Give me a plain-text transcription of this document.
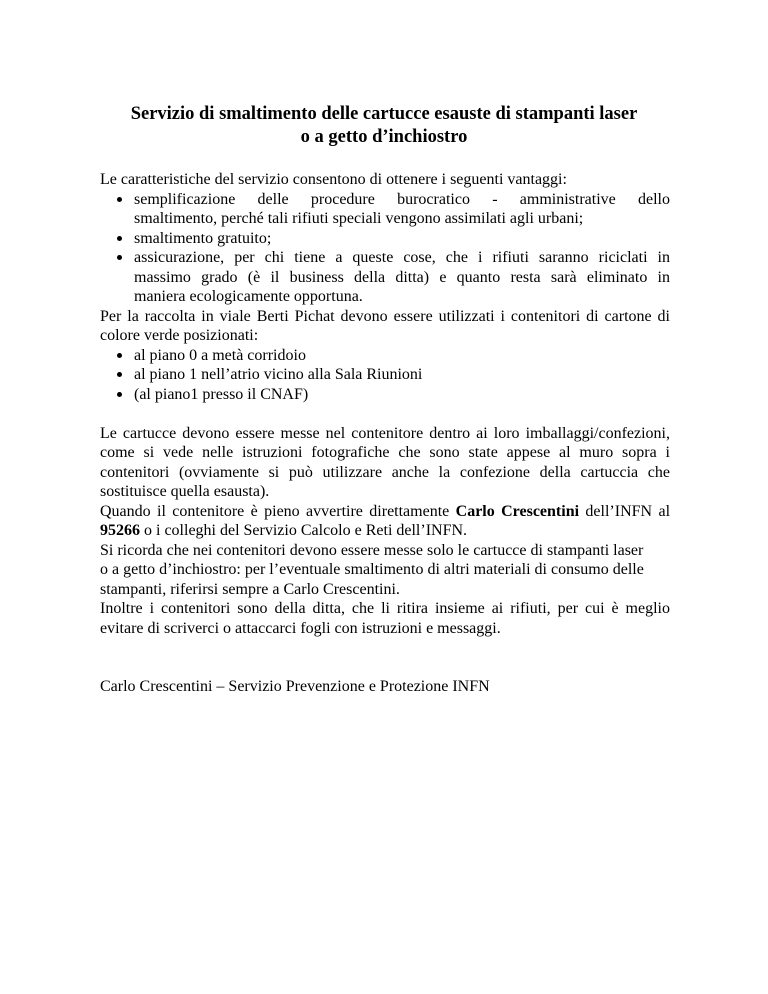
Servizio di smaltimento delle cartucce esauste di stampanti laser
o a getto d’inchiostro
Le caratteristiche del servizio consentono di ottenere i seguenti vantaggi:
semplificazione delle procedure burocratico - amministrative dello
smaltimento, perché tali rifiuti speciali vengono assimilati agli urbani;
smaltimento gratuito;
assicurazione, per chi tiene a queste cose, che i rifiuti saranno riciclati in
massimo grado (è il business della ditta) e quanto resta sarà eliminato in
maniera ecologicamente opportuna.
Per la raccolta in viale Berti Pichat devono essere utilizzati i contenitori di cartone di
colore verde posizionati:
al piano 0 a metà corridoio
al piano 1 nell’atrio vicino alla Sala Riunioni
(al piano1 presso il CNAF)
Le cartucce devono essere messe nel contenitore dentro ai loro imballaggi/confezioni,
come si vede nelle istruzioni fotografiche che sono state appese al muro sopra i
contenitori (ovviamente si può utilizzare anche la confezione della cartuccia che
sostituisce quella esausta).
Quando il contenitore è pieno avvertire direttamente Carlo Crescentini dell’INFN al
95266 o i colleghi del Servizio Calcolo e Reti dell’INFN.
Si ricorda che nei contenitori devono essere messe solo le cartucce di stampanti laser
o a getto d’inchiostro: per l’eventuale smaltimento di altri materiali di consumo delle
stampanti, riferirsi sempre a Carlo Crescentini.
Inoltre i contenitori sono della ditta, che li ritira insieme ai rifiuti, per cui è meglio
evitare di scriverci o attaccarci fogli con istruzioni e messaggi.
Carlo Crescentini – Servizio Prevenzione e Protezione INFN
